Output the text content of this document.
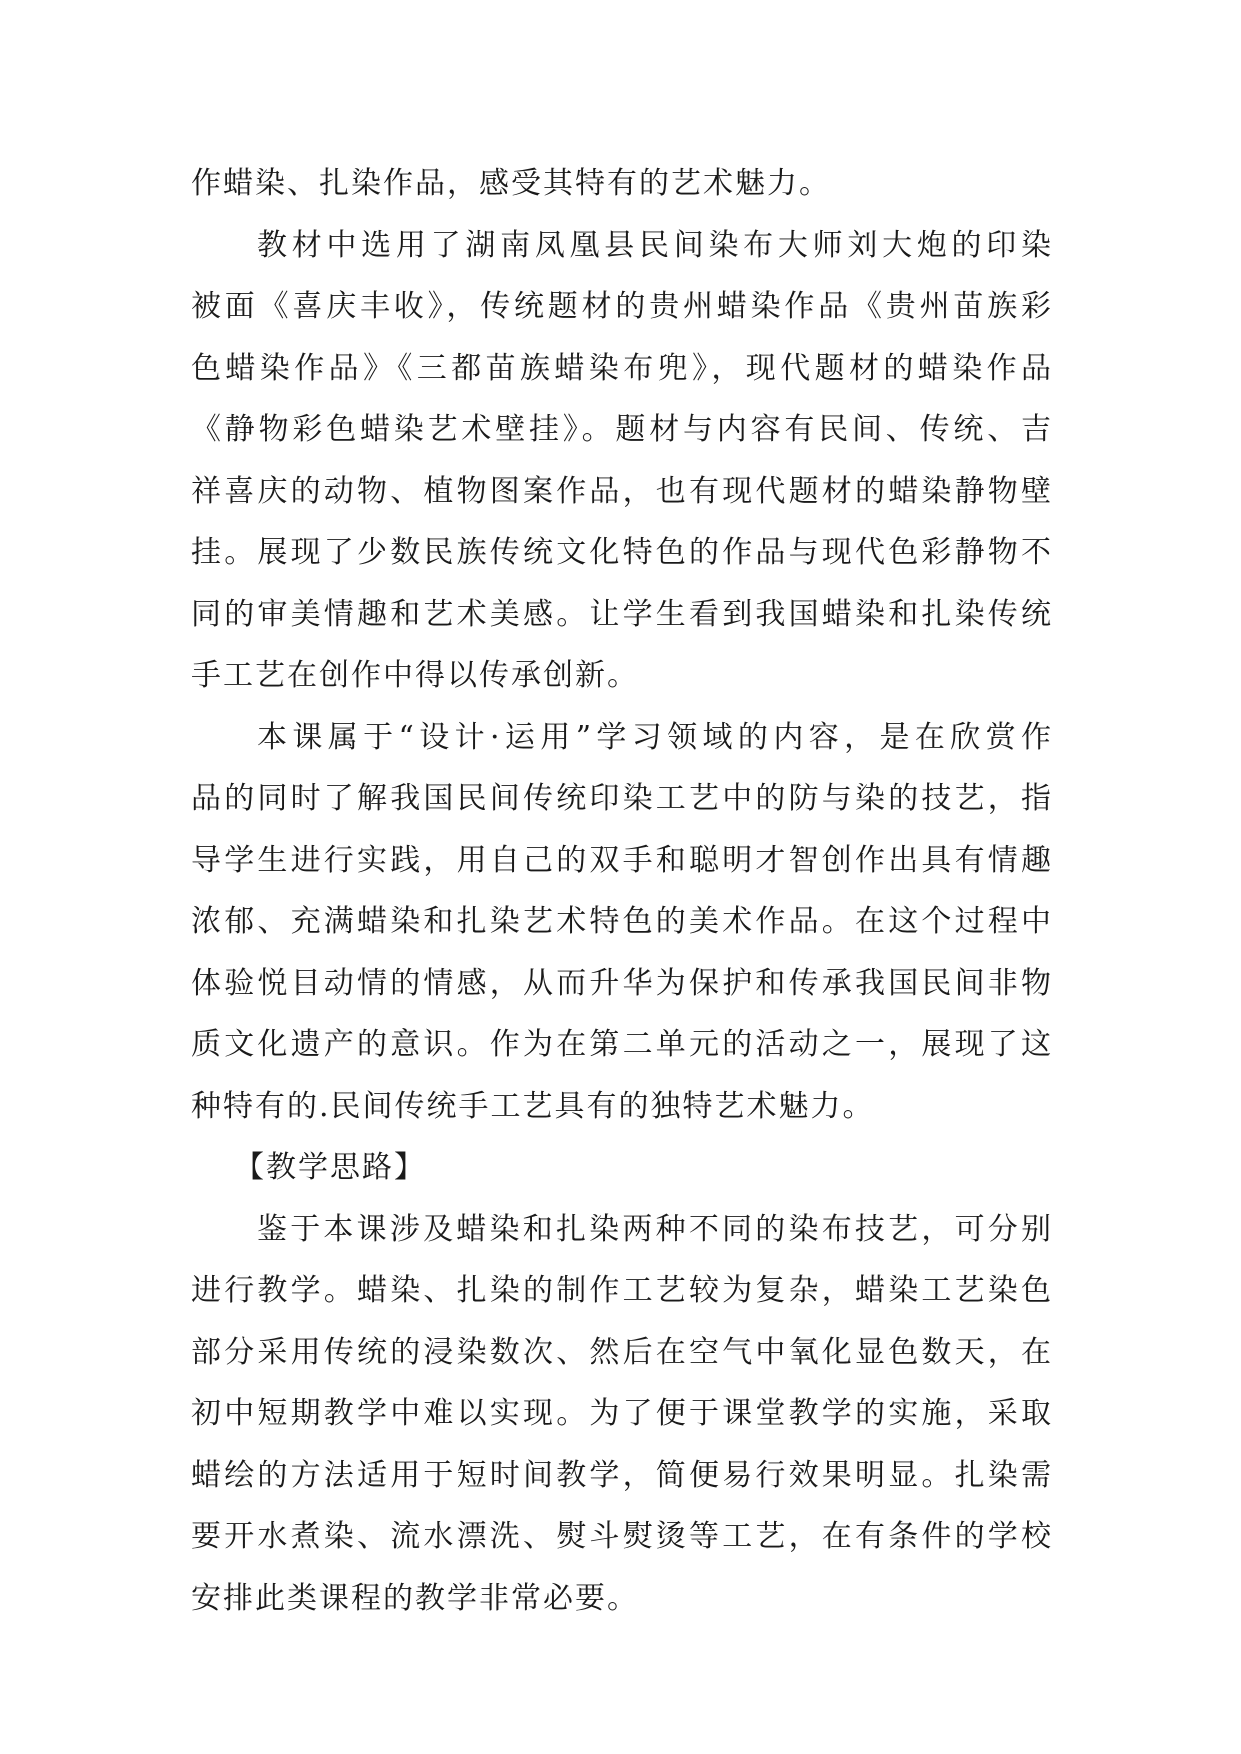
作蜡染、扎染作品，感受其特有的艺术魅力。
教材中选用了湖南凤凰县民间染布大师刘大炮的印染
被面《喜庆丰收》，传统题材的贵州蜡染作品《贵州苗族彩
色蜡染作品》《三都苗族蜡染布兜》，现代题材的蜡染作品
《静物彩色蜡染艺术壁挂》。题材与内容有民间、传统、吉
祥喜庆的动物、植物图案作品，也有现代题材的蜡染静物壁
挂。展现了少数民族传统文化特色的作品与现代色彩静物不
同的审美情趣和艺术美感。让学生看到我国蜡染和扎染传统
手工艺在创作中得以传承创新。
本课属于“设计·运用”学习领域的内容，是在欣赏作
品的同时了解我国民间传统印染工艺中的防与染的技艺，指
导学生进行实践，用自己的双手和聪明才智创作出具有情趣
浓郁、充满蜡染和扎染艺术特色的美术作品。在这个过程中
体验悦目动情的情感，从而升华为保护和传承我国民间非物
质文化遗产的意识。作为在第二单元的活动之一，展现了这
种特有的.民间传统手工艺具有的独特艺术魅力。
【教学思路】
鉴于本课涉及蜡染和扎染两种不同的染布技艺，可分别
进行教学。蜡染、扎染的制作工艺较为复杂，蜡染工艺染色
部分采用传统的浸染数次、然后在空气中氧化显色数天，在
初中短期教学中难以实现。为了便于课堂教学的实施，采取
蜡绘的方法适用于短时间教学，简便易行效果明显。扎染需
要开水煮染、流水漂洗、熨斗熨烫等工艺，在有条件的学校
安排此类课程的教学非常必要。
